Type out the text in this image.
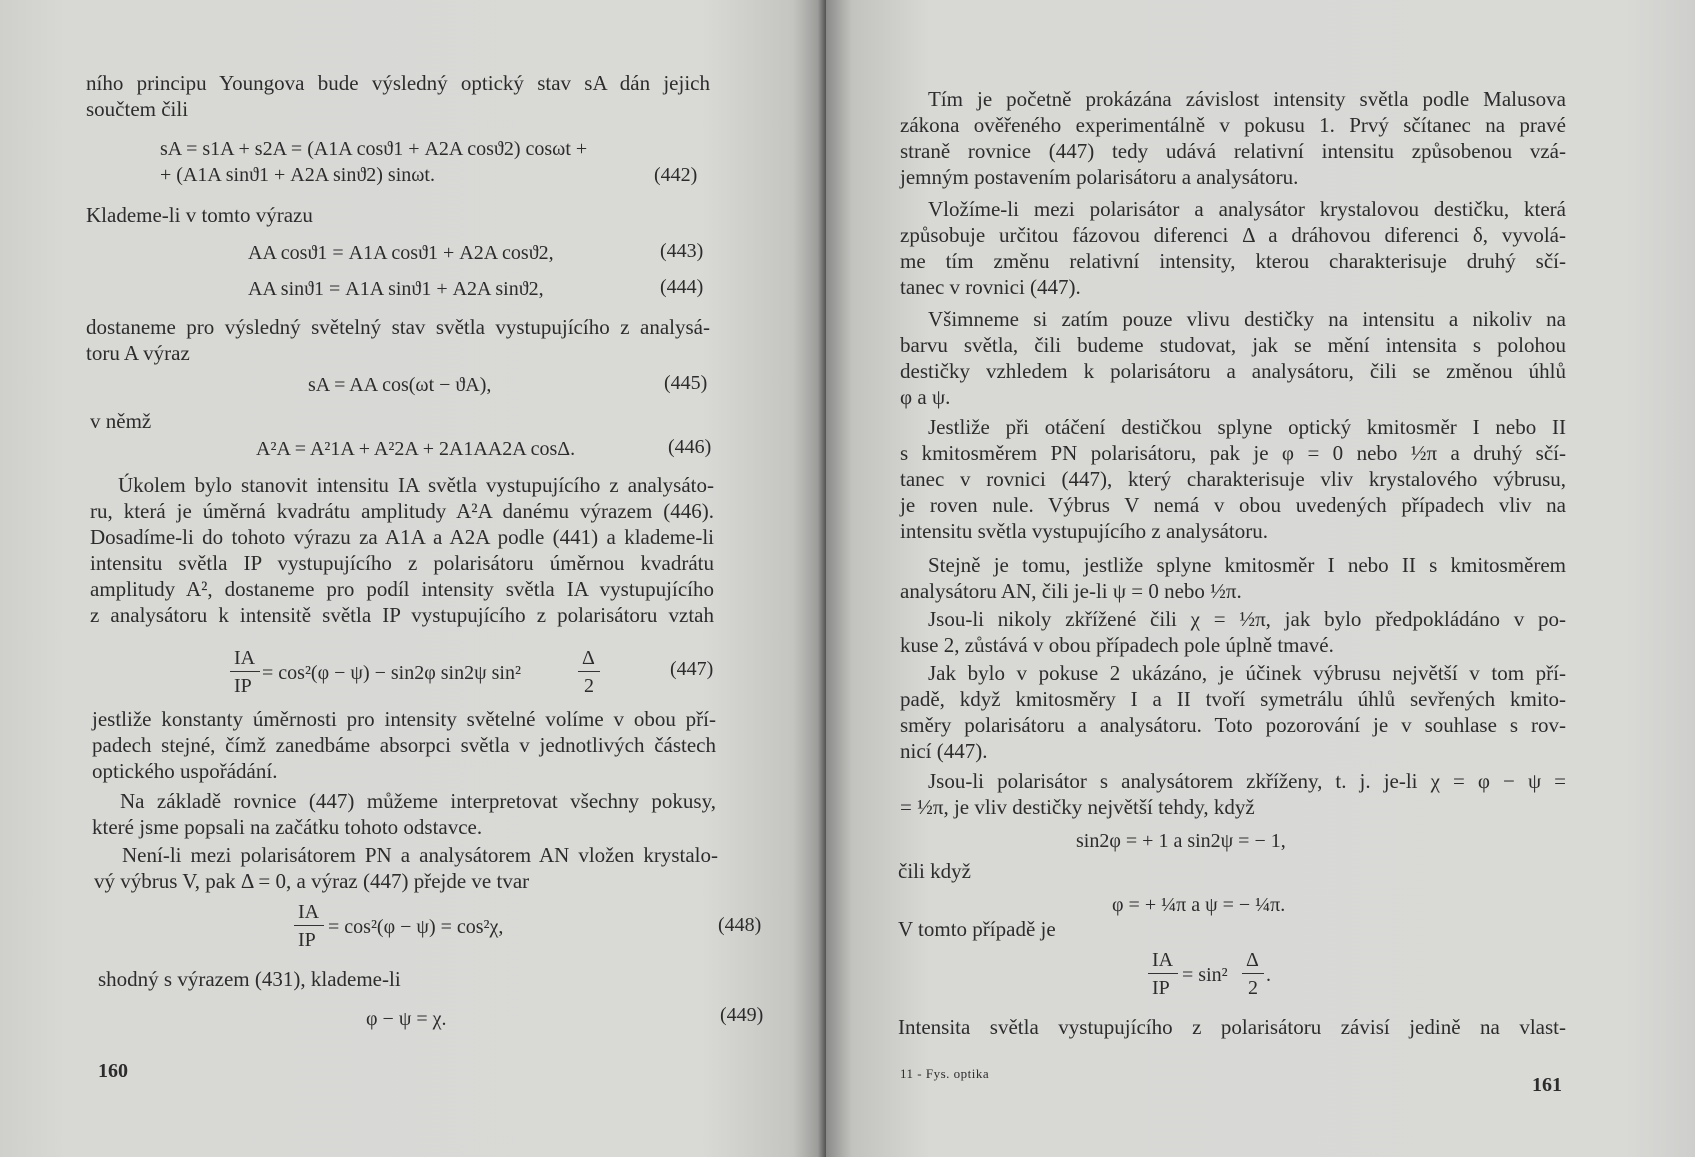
ního principu Youngova bude výsledný optický stav sA dán jejich
součtem čili
sA = s1A + s2A = (A1A cosϑ1 + A2A cosϑ2) cosωt +
+ (A1A sinϑ1 + A2A sinϑ2) sinωt.	(442)
Klademe-li v tomto výrazu
AA cosϑ1 = A1A cosϑ1 + A2A cosϑ2,	(443)
AA sinϑ1 = A1A sinϑ1 + A2A sinϑ2,	(444)
dostaneme pro výsledný světelný stav světla vystupujícího z analysá-
toru A výraz
sA = AA cos(ωt − ϑA),	(445)
v němž
A²A = A²1A + A²2A + 2A1AA2A cosΔ.	(446)
Úkolem bylo stanovit intensitu IA světla vystupujícího z analysáto-
ru, která je úměrná kvadrátu amplitudy A²A danému výrazem (446).
Dosadíme-li do tohoto výrazu za A1A a A2A podle (441) a klademe-li
intensitu světla IP vystupujícího z polarisátoru úměrnou kvadrátu
amplitudy A², dostaneme pro podíl intensity světla IA vystupujícího
z analysátoru k intensitě světla IP vystupujícího z polarisátoru vztah
IA
IP
= cos²(φ − ψ) − sin2φ sin2ψ sin²
Δ
2
(447)
jestliže konstanty úměrnosti pro intensity světelné volíme v obou pří-
padech stejné, čímž zanedbáme absorpci světla v jednotlivých částech
optického uspořádání.
Na základě rovnice (447) můžeme interpretovat všechny pokusy,
které jsme popsali na začátku tohoto odstavce.
Není-li mezi polarisátorem PN a analysátorem AN vložen krystalo-
vý výbrus V, pak Δ = 0, a výraz (447) přejde ve tvar
IA
IP
= cos²(φ − ψ) = cos²χ,	(448)
shodný s výrazem (431), klademe-li
φ − ψ = χ.	(449)
160
Tím je početně prokázána závislost intensity světla podle Malusova
zákona ověřeného experimentálně v pokusu 1. Prvý sčítanec na pravé
straně rovnice (447) tedy udává relativní intensitu způsobenou vzá-
jemným postavením polarisátoru a analysátoru.
Vložíme-li mezi polarisátor a analysátor krystalovou destičku, která
způsobuje určitou fázovou diferenci Δ a dráhovou diferenci δ, vyvolá-
me tím změnu relativní intensity, kterou charakterisuje druhý sčí-
tanec v rovnici (447).
Všimneme si zatím pouze vlivu destičky na intensitu a nikoliv na
barvu světla, čili budeme studovat, jak se mění intensita s polohou
destičky vzhledem k polarisátoru a analysátoru, čili se změnou úhlů
φ a ψ.
Jestliže při otáčení destičkou splyne optický kmitosměr I nebo II
s kmitosměrem PN polarisátoru, pak je φ = 0 nebo ½π a druhý sčí-
tanec v rovnici (447), který charakterisuje vliv krystalového výbrusu,
je roven nule. Výbrus V nemá v obou uvedených případech vliv na
intensitu světla vystupujícího z analysátoru.
Stejně je tomu, jestliže splyne kmitosměr I nebo II s kmitosměrem
analysátoru AN, čili je-li ψ = 0 nebo ½π.
Jsou-li nikoly zkřížené čili χ = ½π, jak bylo předpokládáno v po-
kuse 2, zůstává v obou případech pole úplně tmavé.
Jak bylo v pokuse 2 ukázáno, je účinek výbrusu největší v tom pří-
padě, když kmitosměry I a II tvoří symetrálu úhlů sevřených kmito-
směry polarisátoru a analysátoru. Toto pozorování je v souhlase s rov-
nicí (447).
Jsou-li polarisátor s analysátorem zkříženy, t. j. je-li χ = φ − ψ =
= ½π, je vliv destičky největší tehdy, když
sin2φ = + 1 a sin2ψ = − 1,
čili když
φ = + ¼π a ψ = − ¼π.
V tomto případě je
IA
IP
= sin²
Δ
2
.
Intensita světla vystupujícího z polarisátoru závisí jedině na vlast-
11 - Fys. optika
161
